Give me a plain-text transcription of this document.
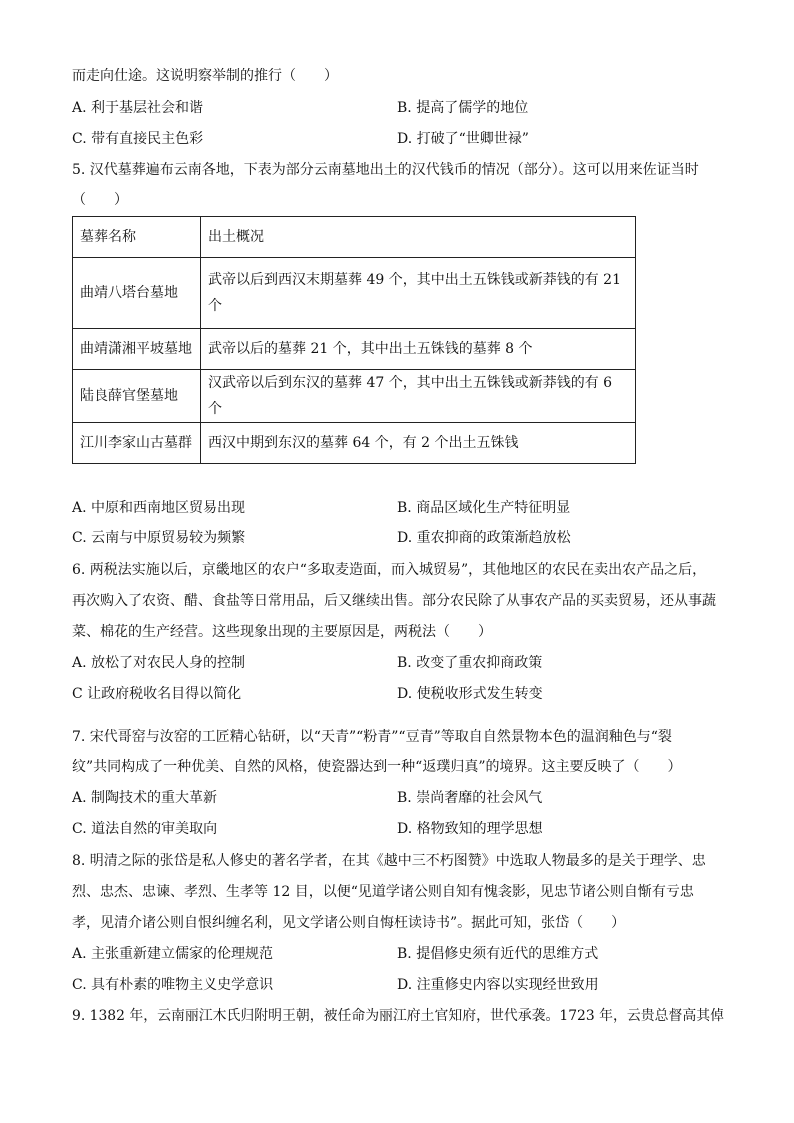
而走向仕途。这说明察举制的推行（　　）
A. 利于基层社会和谐	B. 提高了儒学的地位
C. 带有直接民主色彩	D. 打破了“世卿世禄”
5. 汉代墓葬遍布云南各地，下表为部分云南墓地出土的汉代钱币的情况（部分）。这可以用来佐证当时
（　　）
墓葬名称	出土概况
曲靖八塔台墓地	武帝以后到西汉末期墓葬 49 个，其中出土五铢钱或新莽钱的有 21
个

曲靖潇湘平坡墓地	武帝以后的墓葬 21 个，其中出土五铢钱的墓葬 8 个
陆良薛官堡墓地	汉武帝以后到东汉的墓葬 47 个，其中出土五铢钱或新莽钱的有 6 个
江川李家山古墓群	西汉中期到东汉的墓葬 64 个，有 2 个出土五铢钱
A. 中原和西南地区贸易出现	B. 商品区域化生产特征明显
C. 云南与中原贸易较为频繁	D. 重农抑商的政策渐趋放松
6. 两税法实施以后，京畿地区的农户“多取麦造面，而入城贸易”，其他地区的农民在卖出农产品之后，
再次购入了农资、醋、食盐等日常用品，后又继续出售。部分农民除了从事农产品的买卖贸易，还从事蔬
菜、棉花的生产经营。这些现象出现的主要原因是，两税法（　　）
A. 放松了对农民人身的控制	B. 改变了重农抑商政策
C 让政府税收名目得以简化	D. 使税收形式发生转变
7. 宋代哥窑与汝窑的工匠精心钻研，以“天青”“粉青”“豆青”等取自自然景物本色的温润釉色与“裂
纹”共同构成了一种优美、自然的风格，使瓷器达到一种“返璞归真”的境界。这主要反映了（　　）
A. 制陶技术的重大革新	B. 崇尚奢靡的社会风气
C. 道法自然的审美取向	D. 格物致知的理学思想
8. 明清之际的张岱是私人修史的著名学者，在其《越中三不朽图赞》中选取人物最多的是关于理学、忠
烈、忠杰、忠谏、孝烈、生孝等 12 目，以便“见道学诸公则自知有愧衾影，见忠节诸公则自惭有亏忠
孝，见清介诸公则自恨纠缠名利，见文学诸公则自悔枉读诗书”。据此可知，张岱（　　）
A. 主张重新建立儒家的伦理规范	B. 提倡修史须有近代的思维方式
C. 具有朴素的唯物主义史学意识	D. 注重修史内容以实现经世致用
9. 1382 年，云南丽江木氏归附明王朝，被任命为丽江府土官知府，世代承袭。1723 年，云贵总督高其倬
